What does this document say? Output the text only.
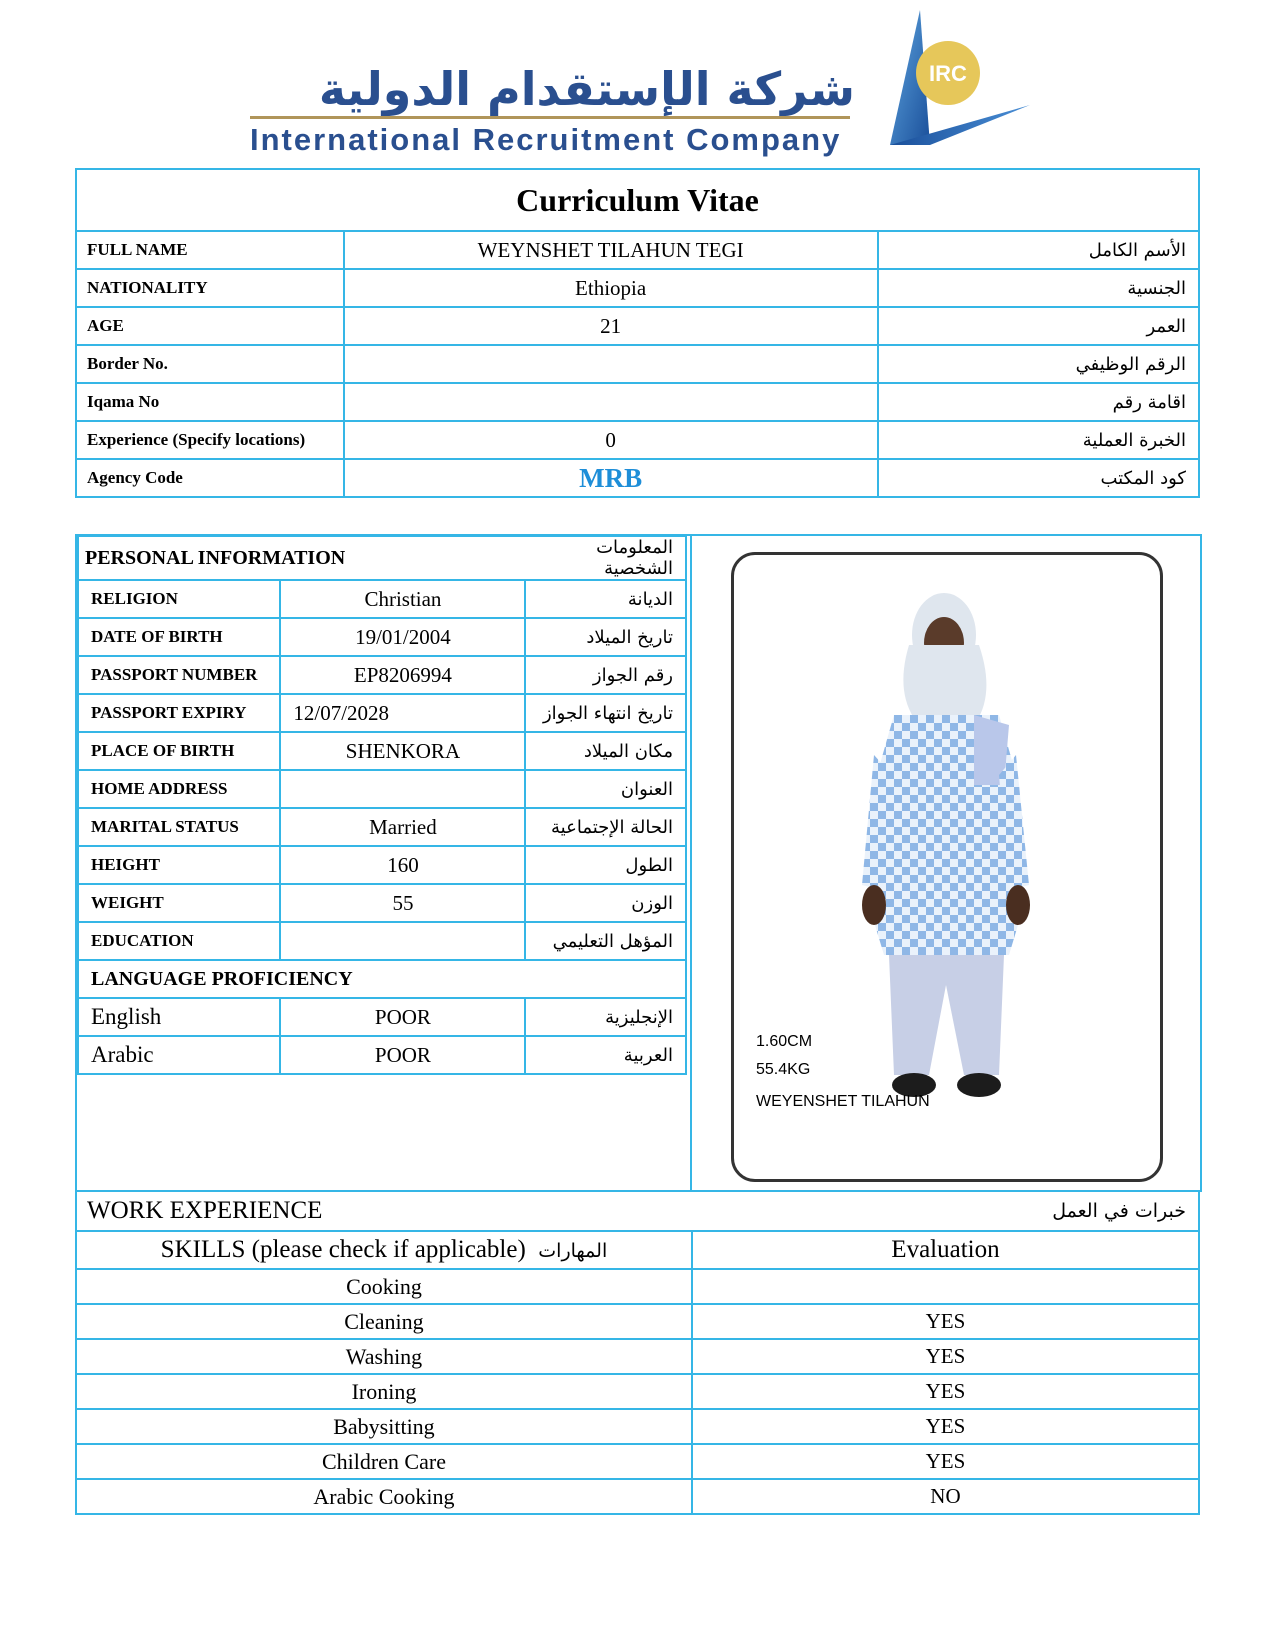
شركة الإستقدام الدولية
International Recruitment Company
IRC
Curriculum Vitae		
FULL NAME	WEYNSHET TILAHUN TEGI	الأسم الكامل
NATIONALITY	Ethiopia	الجنسية
AGE	21	العمر
Border No.		الرقم الوظيفي
Iqama No		اقامة رقم
Experience (Specify locations)	0	الخبرة العملية
Agency Code	MRB	كود المكتب
PERSONAL INFORMATION		المعلومات الشخصية
RELIGION	Christian	الديانة
DATE OF BIRTH	19/01/2004	تاريخ الميلاد
PASSPORT NUMBER	EP8206994	رقم الجواز
PASSPORT EXPIRY	12/07/2028	تاريخ انتهاء الجواز
PLACE OF BIRTH	SHENKORA	مكان الميلاد
HOME ADDRESS		العنوان
MARITAL STATUS	Married	الحالة الإجتماعية
HEIGHT	160	الطول
WEIGHT	55	الوزن
EDUCATION		المؤهل التعليمي
LANGUAGE PROFICIENCY		
English	POOR	الإنجليزية
Arabic	POOR	العربية
1.60CM
55.4KG
WEYENSHET TILAHUN
WORK EXPERIENCE	خبرات في العمل
SKILLS (please check if applicable) المهارات	Evaluation
Cooking	
Cleaning	YES
Washing	YES
Ironing	YES
Babysitting	YES
Children Care	YES
Arabic Cooking	NO
